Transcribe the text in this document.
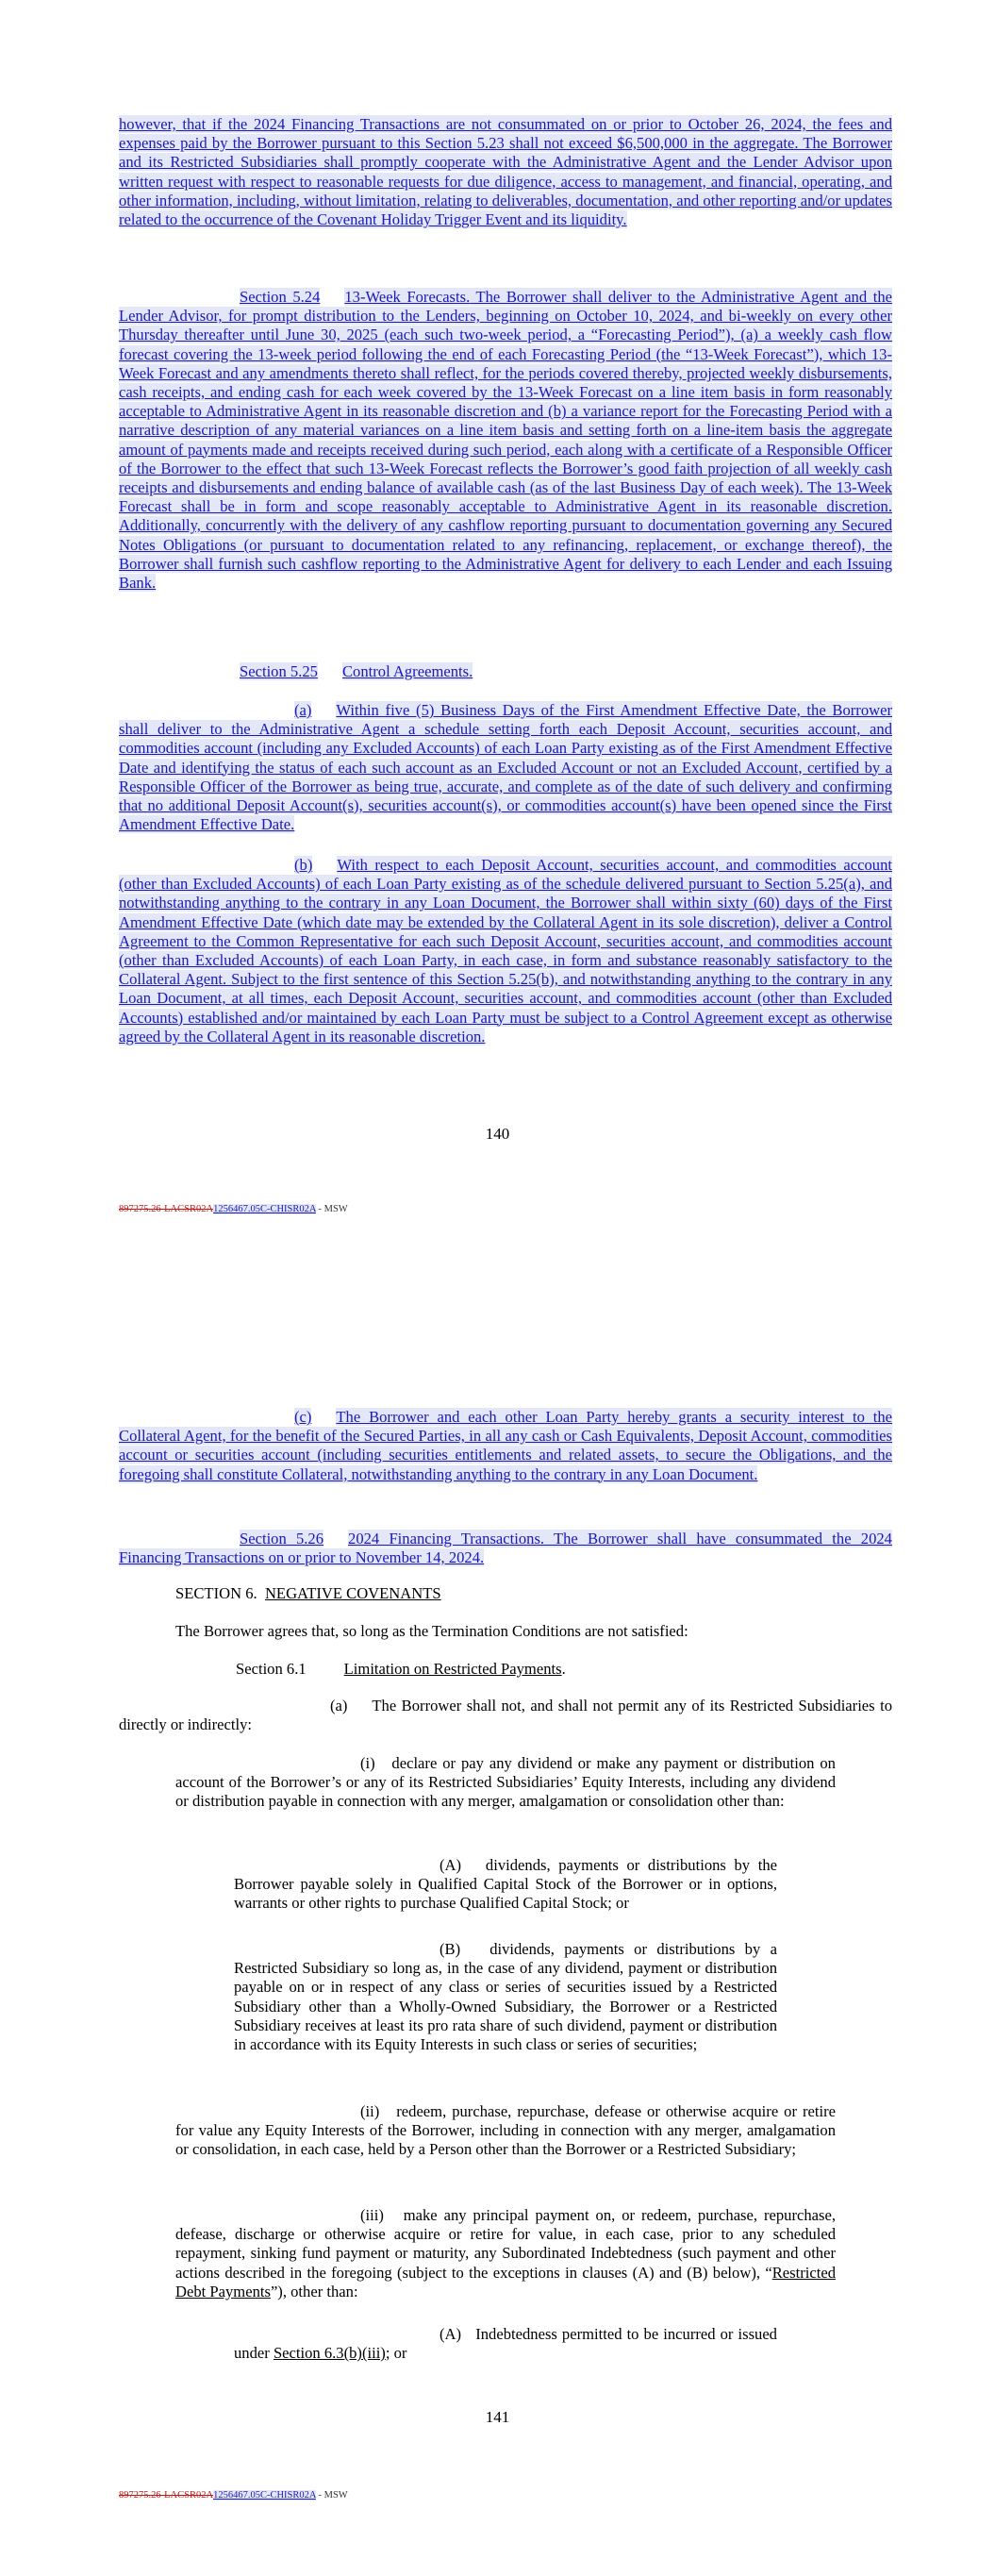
however, that if the 2024 Financing Transactions are not consummated on or prior to October 26, 2024, the fees and expenses paid by the Borrower pursuant to this Section 5.23 shall not exceed $6,500,000 in the aggregate. The Borrower and its Restricted Subsidiaries shall promptly cooperate with the Administrative Agent and the Lender Advisor upon written request with respect to reasonable requests for due diligence, access to management, and financial, operating, and other information, including, without limitation, relating to deliverables, documentation, and other reporting and/or updates related to the occurrence of the Covenant Holiday Trigger Event and its liquidity.
Section 5.24 13-Week Forecasts. The Borrower shall deliver to the Administrative Agent and the Lender Advisor, for prompt distribution to the Lenders, beginning on October 10, 2024, and bi-weekly on every other Thursday thereafter until June 30, 2025 (each such two-week period, a “Forecasting Period”), (a) a weekly cash flow forecast covering the 13-week period following the end of each Forecasting Period (the “13-Week Forecast”), which 13-Week Forecast and any amendments thereto shall reflect, for the periods covered thereby, projected weekly disbursements, cash receipts, and ending cash for each week covered by the 13-Week Forecast on a line item basis in form reasonably acceptable to Administrative Agent in its reasonable discretion and (b) a variance report for the Forecasting Period with a narrative description of any material variances on a line item basis and setting forth on a line-item basis the aggregate amount of payments made and receipts received during such period, each along with a certificate of a Responsible Officer of the Borrower to the effect that such 13-Week Forecast reflects the Borrower’s good faith projection of all weekly cash receipts and disbursements and ending balance of available cash (as of the last Business Day of each week). The 13-Week Forecast shall be in form and scope reasonably acceptable to Administrative Agent in its reasonable discretion. Additionally, concurrently with the delivery of any cashflow reporting pursuant to documentation governing any Secured Notes Obligations (or pursuant to documentation related to any refinancing, replacement, or exchange thereof), the Borrower shall furnish such cashflow reporting to the Administrative Agent for delivery to each Lender and each Issuing Bank.
Section 5.25 Control Agreements.
(a) Within five (5) Business Days of the First Amendment Effective Date, the Borrower shall deliver to the Administrative Agent a schedule setting forth each Deposit Account, securities account, and commodities account (including any Excluded Accounts) of each Loan Party existing as of the First Amendment Effective Date and identifying the status of each such account as an Excluded Account or not an Excluded Account, certified by a Responsible Officer of the Borrower as being true, accurate, and complete as of the date of such delivery and confirming that no additional Deposit Account(s), securities account(s), or commodities account(s) have been opened since the First Amendment Effective Date.
(b) With respect to each Deposit Account, securities account, and commodities account (other than Excluded Accounts) of each Loan Party existing as of the schedule delivered pursuant to Section 5.25(a), and notwithstanding anything to the contrary in any Loan Document, the Borrower shall within sixty (60) days of the First Amendment Effective Date (which date may be extended by the Collateral Agent in its sole discretion), deliver a Control Agreement to the Common Representative for each such Deposit Account, securities account, and commodities account (other than Excluded Accounts) of each Loan Party, in each case, in form and substance reasonably satisfactory to the Collateral Agent. Subject to the first sentence of this Section 5.25(b), and notwithstanding anything to the contrary in any Loan Document, at all times, each Deposit Account, securities account, and commodities account (other than Excluded Accounts) established and/or maintained by each Loan Party must be subject to a Control Agreement except as otherwise agreed by the Collateral Agent in its reasonable discretion.
140
897275.26-LACSR02A1256467.05C-CHISR02A - MSW
(c) The Borrower and each other Loan Party hereby grants a security interest to the Collateral Agent, for the benefit of the Secured Parties, in all any cash or Cash Equivalents, Deposit Account, commodities account or securities account (including securities entitlements and related assets, to secure the Obligations, and the foregoing shall constitute Collateral, notwithstanding anything to the contrary in any Loan Document.
Section 5.26 2024 Financing Transactions. The Borrower shall have consummated the 2024 Financing Transactions on or prior to November 14, 2024.
SECTION 6. NEGATIVE COVENANTS
The Borrower agrees that, so long as the Termination Conditions are not satisfied:
Section 6.1 Limitation on Restricted Payments.
(a) The Borrower shall not, and shall not permit any of its Restricted Subsidiaries to directly or indirectly:
(i) declare or pay any dividend or make any payment or distribution on account of the Borrower’s or any of its Restricted Subsidiaries’ Equity Interests, including any dividend or distribution payable in connection with any merger, amalgamation or consolidation other than:
(A) dividends, payments or distributions by the Borrower payable solely in Qualified Capital Stock of the Borrower or in options, warrants or other rights to purchase Qualified Capital Stock; or
(B) dividends, payments or distributions by a Restricted Subsidiary so long as, in the case of any dividend, payment or distribution payable on or in respect of any class or series of securities issued by a Restricted Subsidiary other than a Wholly-Owned Subsidiary, the Borrower or a Restricted Subsidiary receives at least its pro rata share of such dividend, payment or distribution in accordance with its Equity Interests in such class or series of securities;
(ii) redeem, purchase, repurchase, defease or otherwise acquire or retire for value any Equity Interests of the Borrower, including in connection with any merger, amalgamation or consolidation, in each case, held by a Person other than the Borrower or a Restricted Subsidiary;
(iii) make any principal payment on, or redeem, purchase, repurchase, defease, discharge or otherwise acquire or retire for value, in each case, prior to any scheduled repayment, sinking fund payment or maturity, any Subordinated Indebtedness (such payment and other actions described in the foregoing (subject to the exceptions in clauses (A) and (B) below), “Restricted Debt Payments”), other than:
(A) Indebtedness permitted to be incurred or issued under Section 6.3(b)(iii); or
141
897275.26-LACSR02A1256467.05C-CHISR02A - MSW
